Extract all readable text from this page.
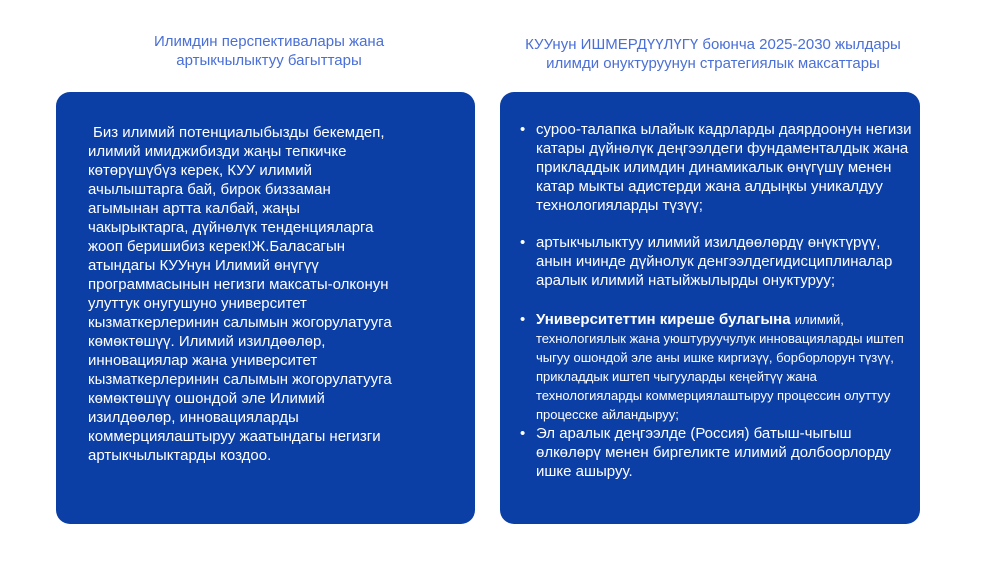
Илимдин перспективалары жана артыкчылыктуу багыттары
КУУнун ИШМЕРДҮҮЛҮГҮ боюнча 2025-2030 жылдары илимди онуктуруунун стратегиялык максаттары

Биз илимий потенциалыбызды бекемдеп, илимий имиджибизди жаңы тепкичке көтөрүшүбүз керек, КУУ илимий ачылыштарга бай, бирок биззаман агымынан артта калбай, жаңы чакырыктарга, дүйнөлүк тенденцияларга жооп беришибиз керек!Ж.Баласагын атындагы КУУнун Илимий өнүгүү программасынын негизги максаты-олконун улуттук онугушуно университет кызматкерлеринин салымын жогорулатууга көмөктөшүү. Илимий изилдөөлөр, инновациялар жана университет кызматкерлеринин салымын жогорулатууга көмөктөшүү ошондой эле Илимий изилдөөлөр, инновацияларды коммерциялаштыруу жаатындагы негизги артыкчылыктарды коздоо.

• суроо-талапка ылайык кадрларды даярдоонун негизи катары дүйнөлүк деңгээлдеги фундаменталдык жана прикладдык илимдин динамикалык өнүгүшү менен катар мыкты адистерди жана алдыңкы уникалдуу технологияларды түзүү;
• артыкчылыктуу илимий изилдөөлөрдү өнүктүрүү, анын ичинде дүйнолук денгээлдегидисциплиналар аралык илимий натыйжылырды онуктуруу;
• Университеттин киреше булагына илимий, технологиялык жана уюштуруучулук инновацияларды иштеп чыгуу ошондой эле аны ишке киргизүү, борборлорун түзүү, прикладдык иштеп чыгууларды кеңейтүү жана технологияларды коммерциялаштыруу процессин олуттуу процесске айландыруу;
• Эл аралык деңгээлде (Россия) батыш-чыгыш өлкөлөрү менен биргеликте илимий долбоорлорду ишке ашыруу.
